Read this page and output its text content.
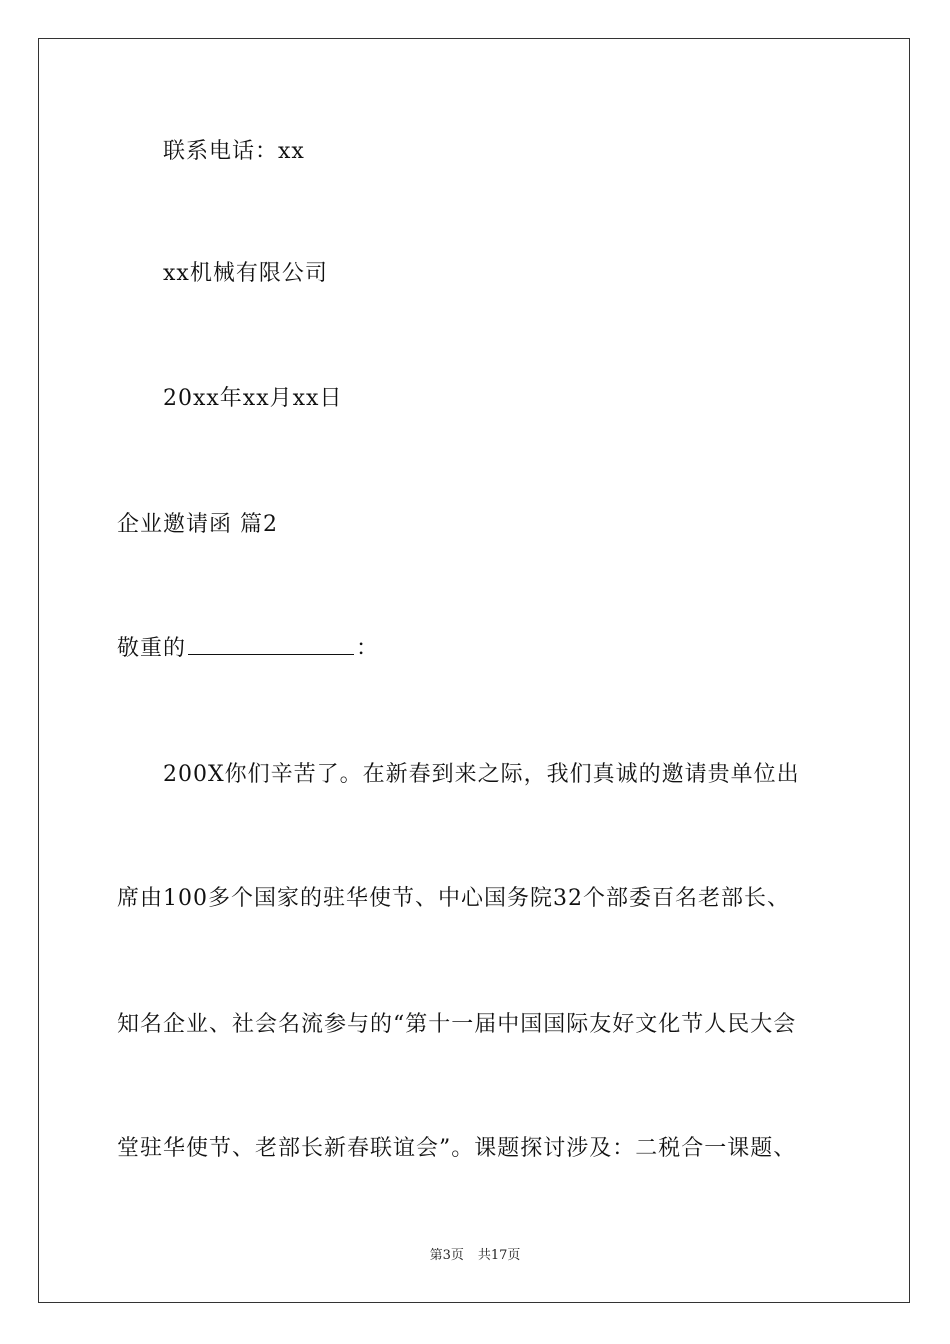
联系电话：xx
xx机械有限公司
20xx年xx月xx日
企业邀请函 篇2
敬重的	：
200X你们辛苦了。在新春到来之际，我们真诚的邀请贵单位出
席由100多个国家的驻华使节、中心国务院32个部委百名老部长、
知名企业、社会名流参与的“第十一届中国国际友好文化节人民大会
堂驻华使节、老部长新春联谊会”。课题探讨涉及：二税合一课题、
第3页 共17页
